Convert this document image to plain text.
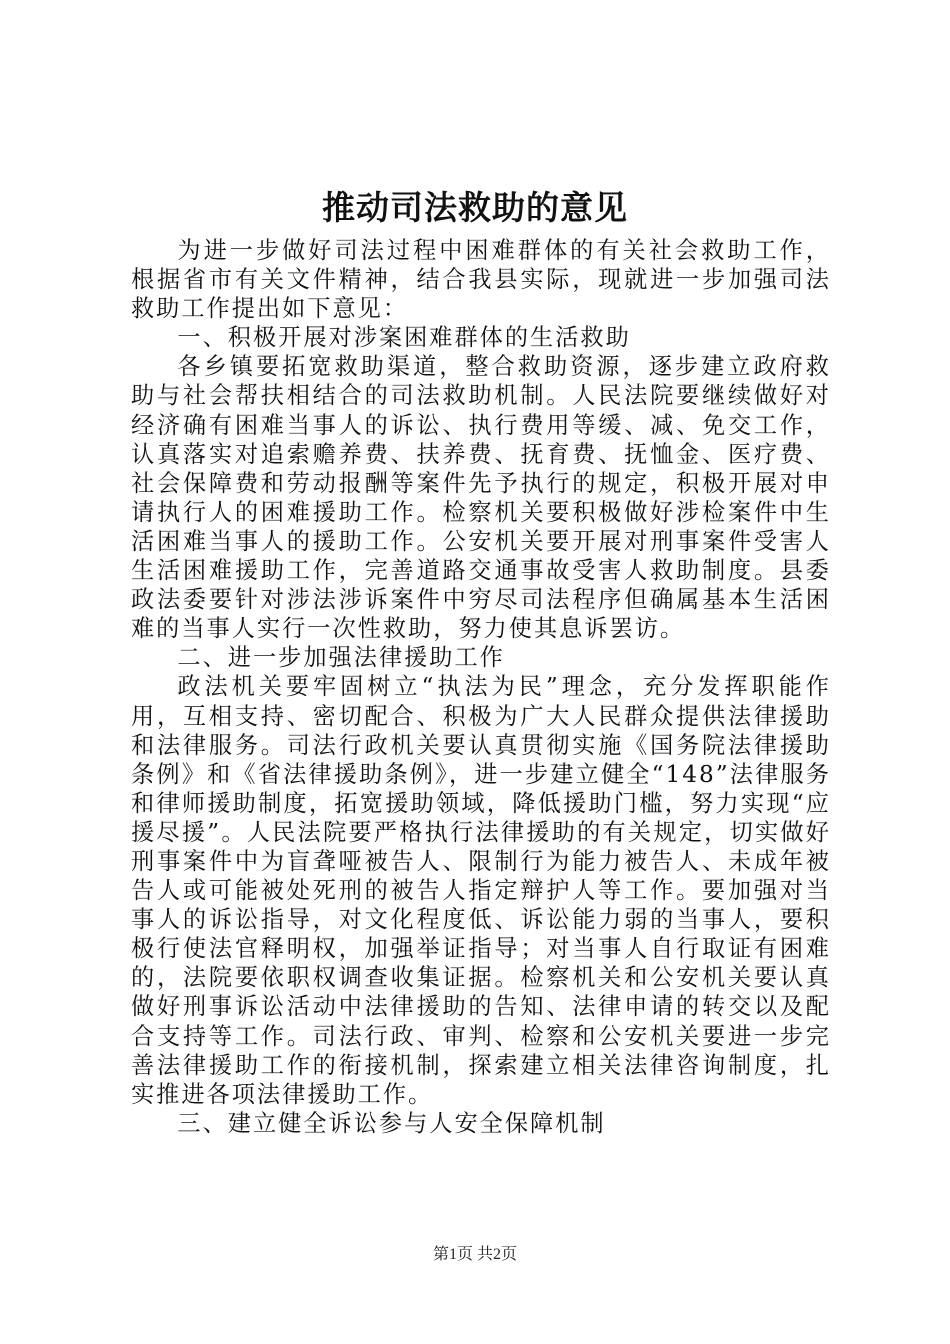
推动司法救助的意见

为进一步做好司法过程中困难群体的有关社会救助工作，根据省市有关文件精神，结合我县实际，现就进一步加强司法救助工作提出如下意见：

一、积极开展对涉案困难群体的生活救助

各乡镇要拓宽救助渠道，整合救助资源，逐步建立政府救助与社会帮扶相结合的司法救助机制。人民法院要继续做好对经济确有困难当事人的诉讼、执行费用等缓、减、免交工作，认真落实对追索赡养费、扶养费、抚育费、抚恤金、医疗费、社会保障费和劳动报酬等案件先予执行的规定，积极开展对申请执行人的困难援助工作。检察机关要积极做好涉检案件中生活困难当事人的援助工作。公安机关要开展对刑事案件受害人生活困难援助工作，完善道路交通事故受害人救助制度。县委政法委要针对涉法涉诉案件中穷尽司法程序但确属基本生活困难的当事人实行一次性救助，努力使其息诉罢访。

二、进一步加强法律援助工作

政法机关要牢固树立“执法为民”理念，充分发挥职能作用，互相支持、密切配合、积极为广大人民群众提供法律援助和法律服务。司法行政机关要认真贯彻实施《国务院法律援助条例》和《省法律援助条例》，进一步建立健全“148”法律服务和律师援助制度，拓宽援助领域，降低援助门槛，努力实现“应援尽援”。人民法院要严格执行法律援助的有关规定，切实做好刑事案件中为盲聋哑被告人、限制行为能力被告人、未成年被告人或可能被处死刑的被告人指定辩护人等工作。要加强对当事人的诉讼指导，对文化程度低、诉讼能力弱的当事人，要积极行使法官释明权，加强举证指导；对当事人自行取证有困难的，法院要依职权调查收集证据。检察机关和公安机关要认真做好刑事诉讼活动中法律援助的告知、法律申请的转交以及配合支持等工作。司法行政、审判、检察和公安机关要进一步完善法律援助工作的衔接机制，探索建立相关法律咨询制度，扎实推进各项法律援助工作。

三、建立健全诉讼参与人安全保障机制

第1页 共2页
